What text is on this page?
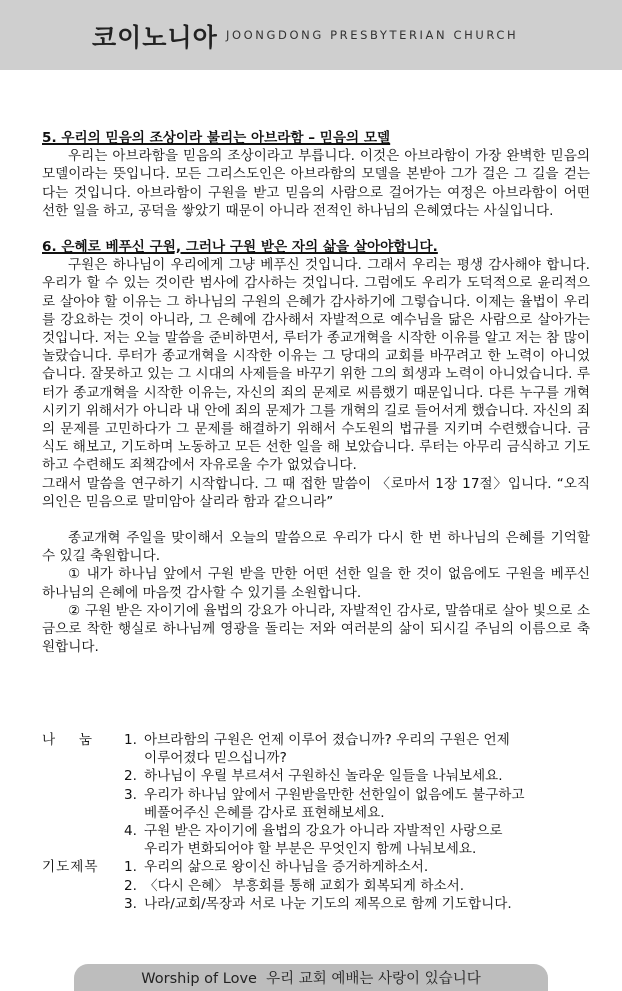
코이노니아 JOONGDONG PRESBYTERIAN CHURCH
5. 우리의 믿음의 조상이라 불리는 아브라함 – 믿음의 모델

우리는 아브라함을 믿음의 조상이라고 부릅니다. 이것은 아브라함이 가장 완벽한 믿음의 모델이라는 뜻입니다. 모든 그리스도인은 아브라함의 모델을 본받아 그가 걸은 그 길을 걷는다는 것입니다. 아브라함이 구원을 받고 믿음의 사람으로 걸어가는 여정은 아브라함이 어떤 선한 일을 하고, 공덕을 쌓았기 때문이 아니라 전적인 하나님의 은혜였다는 사실입니다.

6. 은혜로 베푸신 구원, 그러나 구원 받은 자의 삶을 살아야합니다.

구원은 하나님이 우리에게 그냥 베푸신 것입니다. 그래서 우리는 평생 감사해야 합니다. 우리가 할 수 있는 것이란 범사에 감사하는 것입니다. 그럼에도 우리가 도덕적으로 윤리적으로 살아야 할 이유는 그 하나님의 구원의 은혜가 감사하기에 그렇습니다. 이제는 율법이 우리를 강요하는 것이 아니라, 그 은혜에 감사해서 자발적으로 예수님을 닮은 사람으로 살아가는 것입니다. 저는 오늘 말씀을 준비하면서, 루터가 종교개혁을 시작한 이유를 알고 저는 참 많이 놀랐습니다. 루터가 종교개혁을 시작한 이유는 그 당대의 교회를 바꾸려고 한 노력이 아니었습니다. 잘못하고 있는 그 시대의 사제들을 바꾸기 위한 그의 희생과 노력이 아니었습니다. 루터가 종교개혁을 시작한 이유는, 자신의 죄의 문제로 씨름했기 때문입니다. 다른 누구를 개혁시키기 위해서가 아니라 내 안에 죄의 문제가 그를 개혁의 길로 들어서게 했습니다. 자신의 죄의 문제를 고민하다가 그 문제를 해결하기 위해서 수도원의 법규를 지키며 수련했습니다. 금식도 해보고, 기도하며 노동하고 모든 선한 일을 해 보았습니다. 루터는 아무리 금식하고 기도하고 수련해도 죄책감에서 자유로울 수가 없었습니다.

그래서 말씀을 연구하기 시작합니다. 그 때 접한 말씀이 〈로마서 1장 17절〉입니다. “오직 의인은 믿음으로 말미암아 살리라 함과 같으니라”

종교개혁 주일을 맞이해서 오늘의 말씀으로 우리가 다시 한 번 하나님의 은혜를 기억할 수 있길 축원합니다.

① 내가 하나님 앞에서 구원 받을 만한 어떤 선한 일을 한 것이 없음에도 구원을 베푸신 하나님의 은혜에 마음껏 감사할 수 있기를 소원합니다.

② 구원 받은 자이기에 율법의 강요가 아니라, 자발적인 감사로, 말씀대로 살아 빛으로 소금으로 착한 행실로 하나님께 영광을 돌리는 저와 여러분의 삶이 되시길 주님의 이름으로 축원합니다.

나 눔 1. 아브라함의 구원은 언제 이루어 졌습니까? 우리의 구원은 언제
이루어졌다 믿으십니까?
2. 하나님이 우릴 부르셔서 구원하신 놀라운 일들을 나눠보세요.
3. 우리가 하나님 앞에서 구원받을만한 선한일이 없음에도 불구하고
베풀어주신 은혜를 감사로 표현해보세요.
4. 구원 받은 자이기에 율법의 강요가 아니라 자발적인 사랑으로
우리가 변화되어야 할 부분은 무엇인지 함께 나눠보세요.
기도제목	1. 우리의 삶으로 왕이신 하나님을 증거하게하소서.
2. 〈다시 은혜〉 부흥회를 통해 교회가 회복되게 하소서.
3. 나라/교회/목장과 서로 나눈 기도의 제목으로 함께 기도합니다.
Worship of Love  우리 교회 예배는 사랑이 있습니다
